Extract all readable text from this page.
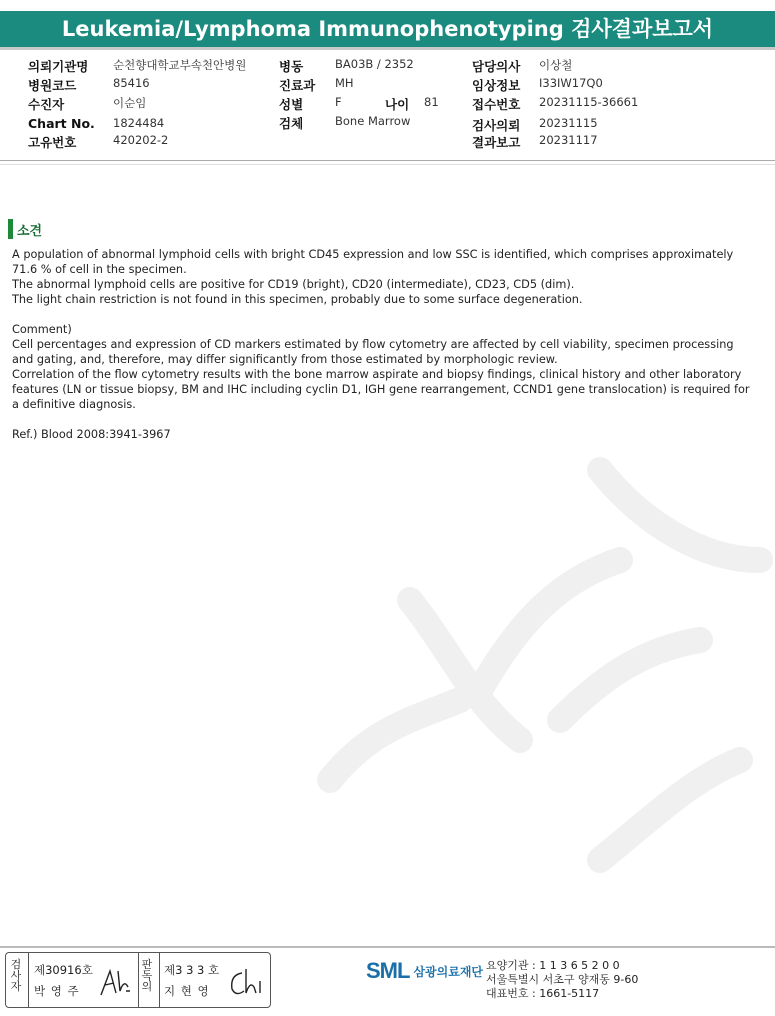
Leukemia/Lymphoma Immunophenotyping 검사결과보고서
의뢰기관명 순천향대학교부속천안병원
병원코드	85416
수진자	이순임
Chart No. 1824484
고유번호	420202-2
병동	BA03B / 2352
진료과 MH
성별	F	나이 81
검체	Bone Marrow
담당의사 이상철
임상정보 I33IW17Q0
접수번호 20231115-36661
검사의뢰 20231115
결과보고 20231117
소견

A population of abnormal lymphoid cells with bright CD45 expression and low SSC is identified, which comprises approximately

71.6 % of cell in the specimen.

The abnormal lymphoid cells are positive for CD19 (bright), CD20 (intermediate), CD23, CD5 (dim).

The light chain restriction is not found in this specimen, probably due to some surface degeneration.

Comment)

Cell percentages and expression of CD markers estimated by flow cytometry are affected by cell viability, specimen processing

and gating, and, therefore, may differ significantly from those estimated by morphologic review.

Correlation of the flow cytometry results with the bone marrow aspirate and biopsy findings, clinical history and other laboratory

features (LN or tissue biopsy, BM and IHC including cyclin D1, IGH gene rearrangement, CCND1 gene translocation) is required for

a definitive diagnosis.

Ref.) Blood 2008:3941-3967

검사자
제30916호
박 영 주
판독의
제3 3 3 호
지 현 영
SML 삼광의료재단 요양기관 : 1 1 3 6 5 2 0 0
서울특별시 서초구 양재동 9-60
대표번호 : 1661-5117
